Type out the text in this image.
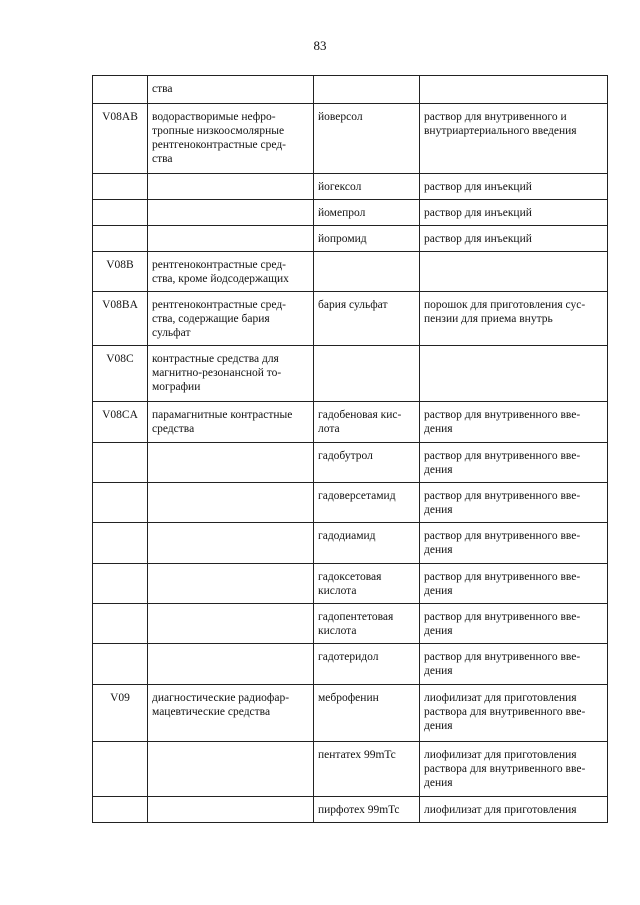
83

	ства		

V08AB	водорастворимые нефро-
тропные низкоосмолярные
рентгеноконтрастные сред-
ства	йоверсол	раствор для внутривенного и
внутриартериального введения

		йогексол	раствор для инъекций

		йомепрол	раствор для инъекций

		йопромид	раствор для инъекций

V08B	рентгеноконтрастные сред-
ства, кроме йодсодержащих		

V08BA	рентгеноконтрастные сред-
ства, содержащие бария
сульфат	бария сульфат	порошок для приготовления сус-
пензии для приема внутрь

V08C	контрастные средства для
магнитно-резонансной то-
мографии		

V08CA	парамагнитные контрастные
средства	гадобеновая кис-
лота	раствор для внутривенного вве-
дения

		гадобутрол	раствор для внутривенного вве-
дения

		гадоверсетамид	раствор для внутривенного вве-
дения

		гадодиамид	раствор для внутривенного вве-
дения

		гадоксетовая
кислота	раствор для внутривенного вве-
дения

		гадопентетовая
кислота	раствор для внутривенного вве-
дения

		гадотеридол	раствор для внутривенного вве-
дения

V09	диагностические радиофар-
мацевтические средства	меброфенин	лиофилизат для приготовления
раствора для внутривенного вве-
дения

		пентатех 99mTc	лиофилизат для приготовления
раствора для внутривенного вве-
дения

		пирфотех 99mTc	лиофилизат для приготовления
